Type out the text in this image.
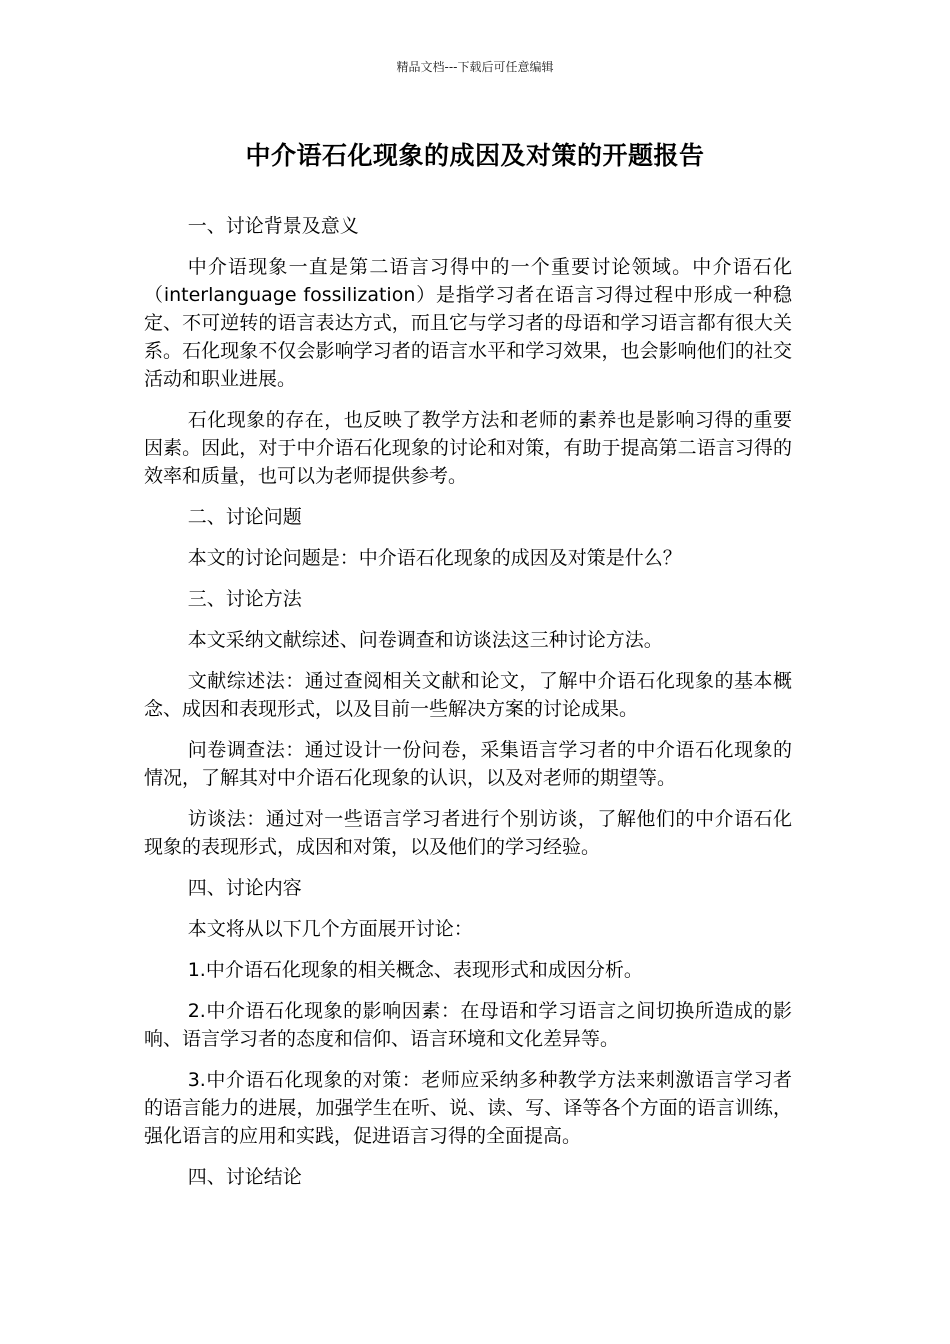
精品文档---下载后可任意编辑
中介语石化现象的成因及对策的开题报告

一、讨论背景及意义

中介语现象一直是第二语言习得中的一个重要讨论领域。中介语石化（interlanguage fossilization）是指学习者在语言习得过程中形成一种稳定、不可逆转的语言表达方式，而且它与学习者的母语和学习语言都有很大关系。石化现象不仅会影响学习者的语言水平和学习效果，也会影响他们的社交活动和职业进展。

石化现象的存在，也反映了教学方法和老师的素养也是影响习得的重要因素。因此，对于中介语石化现象的讨论和对策，有助于提高第二语言习得的效率和质量，也可以为老师提供参考。

二、讨论问题

本文的讨论问题是：中介语石化现象的成因及对策是什么？

三、讨论方法

本文采纳文献综述、问卷调查和访谈法这三种讨论方法。

文献综述法：通过查阅相关文献和论文，了解中介语石化现象的基本概念、成因和表现形式，以及目前一些解决方案的讨论成果。

问卷调查法：通过设计一份问卷，采集语言学习者的中介语石化现象的情况，了解其对中介语石化现象的认识，以及对老师的期望等。

访谈法：通过对一些语言学习者进行个别访谈，了解他们的中介语石化现象的表现形式，成因和对策，以及他们的学习经验。

四、讨论内容

本文将从以下几个方面展开讨论：

1.中介语石化现象的相关概念、表现形式和成因分析。

2.中介语石化现象的影响因素：在母语和学习语言之间切换所造成的影响、语言学习者的态度和信仰、语言环境和文化差异等。

3.中介语石化现象的对策：老师应采纳多种教学方法来刺激语言学习者的语言能力的进展，加强学生在听、说、读、写、译等各个方面的语言训练，强化语言的应用和实践，促进语言习得的全面提高。

四、讨论结论
